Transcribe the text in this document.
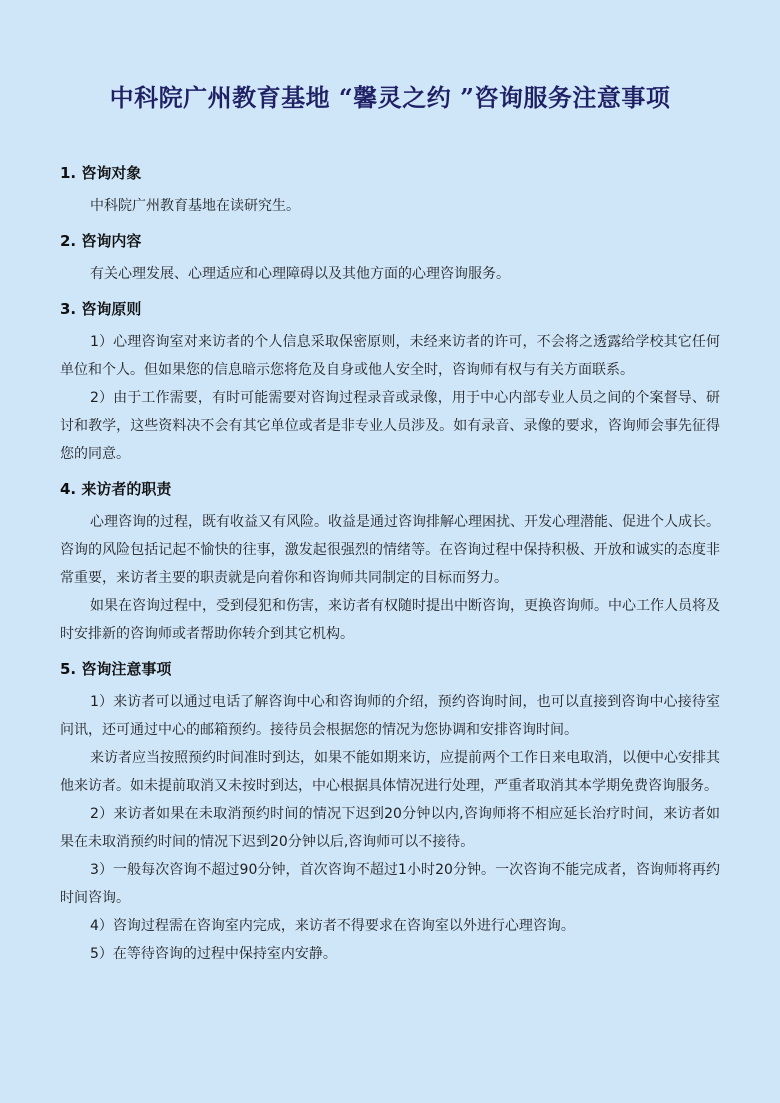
中科院广州教育基地 “馨灵之约 ”咨询服务注意事项

1. 咨询对象

中科院广州教育基地在读研究生。

2. 咨询内容

有关心理发展、心理适应和心理障碍以及其他方面的心理咨询服务。

3. 咨询原则

1）心理咨询室对来访者的个人信息采取保密原则，未经来访者的许可，不会将之透露给学校其它任何单位和个人。但如果您的信息暗示您将危及自身或他人安全时，咨询师有权与有关方面联系。

2）由于工作需要，有时可能需要对咨询过程录音或录像，用于中心内部专业人员之间的个案督导、研讨和教学，这些资料决不会有其它单位或者是非专业人员涉及。如有录音、录像的要求，咨询师会事先征得您的同意。

4. 来访者的职责

心理咨询的过程，既有收益又有风险。收益是通过咨询排解心理困扰、开发心理潜能、促进个人成长。咨询的风险包括记起不愉快的往事，激发起很强烈的情绪等。在咨询过程中保持积极、开放和诚实的态度非常重要，来访者主要的职责就是向着你和咨询师共同制定的目标而努力。

如果在咨询过程中，受到侵犯和伤害，来访者有权随时提出中断咨询，更换咨询师。中心工作人员将及时安排新的咨询师或者帮助你转介到其它机构。

5. 咨询注意事项

1）来访者可以通过电话了解咨询中心和咨询师的介绍，预约咨询时间，也可以直接到咨询中心接待室问讯，还可通过中心的邮箱预约。接待员会根据您的情况为您协调和安排咨询时间。

来访者应当按照预约时间准时到达，如果不能如期来访，应提前两个工作日来电取消，以便中心安排其他来访者。如未提前取消又未按时到达，中心根据具体情况进行处理，严重者取消其本学期免费咨询服务。

2）来访者如果在未取消预约时间的情况下迟到20分钟以内,咨询师将不相应延长治疗时间，来访者如果在未取消预约时间的情况下迟到20分钟以后,咨询师可以不接待。

3）一般每次咨询不超过90分钟，首次咨询不超过1小时20分钟。一次咨询不能完成者，咨询师将再约时间咨询。

4）咨询过程需在咨询室内完成，来访者不得要求在咨询室以外进行心理咨询。

5）在等待咨询的过程中保持室内安静。
